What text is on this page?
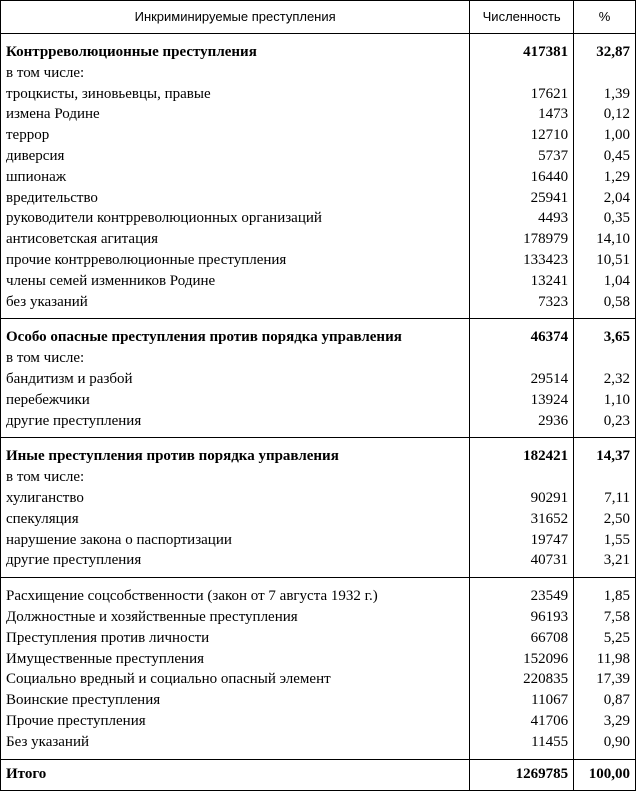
Инкриминируемые преступления	Численность	%
Контрреволюционные преступления	417381	32,87
в том числе:		
троцкисты, зиновьевцы, правые	17621	1,39
измена Родине	1473	0,12
террор	12710	1,00
диверсия	5737	0,45
шпионаж	16440	1,29
вредительство	25941	2,04
руководители контрреволюционных организаций	4493	0,35
антисоветская агитация	178979	14,10
прочие контрреволюционные преступления	133423	10,51
члены семей изменников Родине	13241	1,04
без указаний	7323	0,58
Особо опасные преступления против порядка управления	46374	3,65
в том числе:		
бандитизм и разбой	29514	2,32
перебежчики	13924	1,10
другие преступления	2936	0,23
Иные преступления против порядка управления	182421	14,37
в том числе:		
хулиганство	90291	7,11
спекуляция	31652	2,50
нарушение закона о паспортизации	19747	1,55
другие преступления	40731	3,21
Расхищение соцсобственности (закон от 7 августа 1932 г.)	23549	1,85
Должностные и хозяйственные преступления	96193	7,58
Преступления против личности	66708	5,25
Имущественные преступления	152096	11,98
Социально вредный и социально опасный элемент	220835	17,39
Воинские преступления	11067	0,87
Прочие преступления	41706	3,29
Без указаний	11455	0,90
Итого	1269785	100,00
